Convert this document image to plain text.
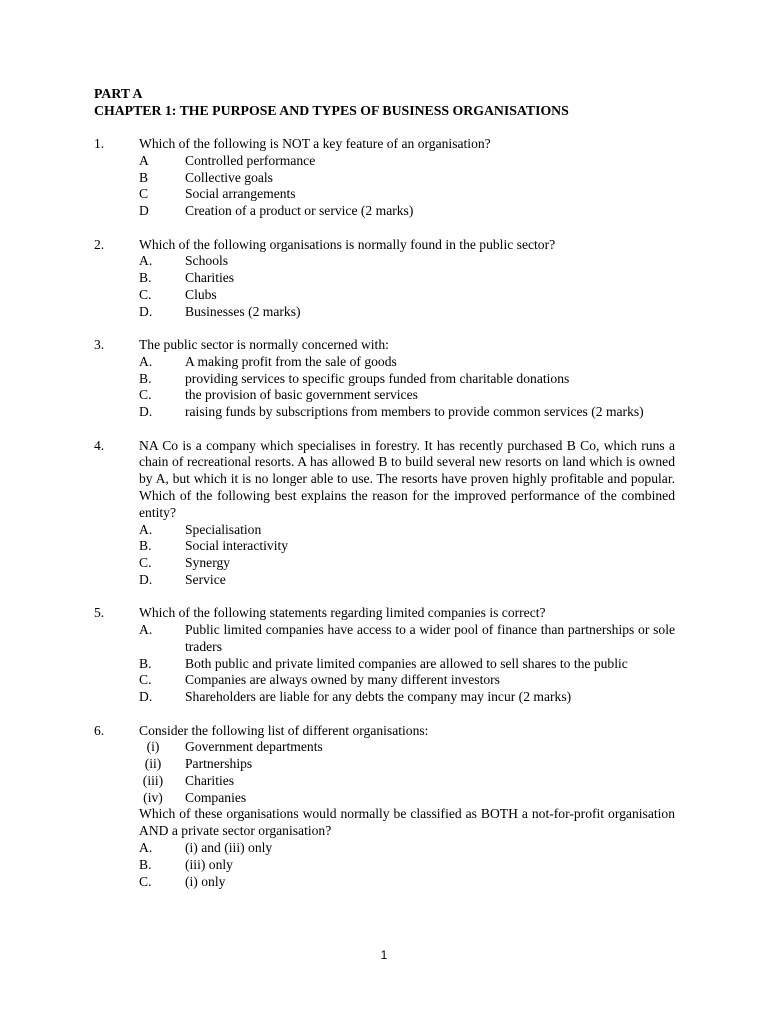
PART A
CHAPTER 1: THE PURPOSE AND TYPES OF BUSINESS ORGANISATIONS
1.	Which of the following is NOT a key feature of an organisation?
A	Controlled performance
B	Collective goals
C	Social arrangements
D	Creation of a product or service (2 marks)
2.	Which of the following organisations is normally found in the public sector?
A.	Schools
B.	Charities
C.	Clubs
D.	Businesses (2 marks)
3.	The public sector is normally concerned with:
A.	A making profit from the sale of goods
B.	providing services to specific groups funded from charitable donations
C.	the provision of basic government services
D.	raising funds by subscriptions from members to provide common services (2 marks)
4.	NA Co is a company which specialises in forestry. It has recently purchased B Co, which runs a chain of recreational resorts. A has allowed B to build several new resorts on land which is owned by A, but which it is no longer able to use. The resorts have proven highly profitable and popular. Which of the following best explains the reason for the improved performance of the combined entity?
A.	Specialisation
B.	Social interactivity
C.	Synergy
D.	Service
5.	Which of the following statements regarding limited companies is correct?
A.	Public limited companies have access to a wider pool of finance than partnerships or sole traders
B.	Both public and private limited companies are allowed to sell shares to the public
C.	Companies are always owned by many different investors
D.	Shareholders are liable for any debts the company may incur (2 marks)
6.	Consider the following list of different organisations:
(i)	Government departments
(ii)	Partnerships
(iii)	Charities
(iv)	Companies
Which of these organisations would normally be classified as BOTH a not-for-profit organisation AND a private sector organisation?
A.	(i) and (iii) only
B.	(iii) only
C.	(i) only
1
